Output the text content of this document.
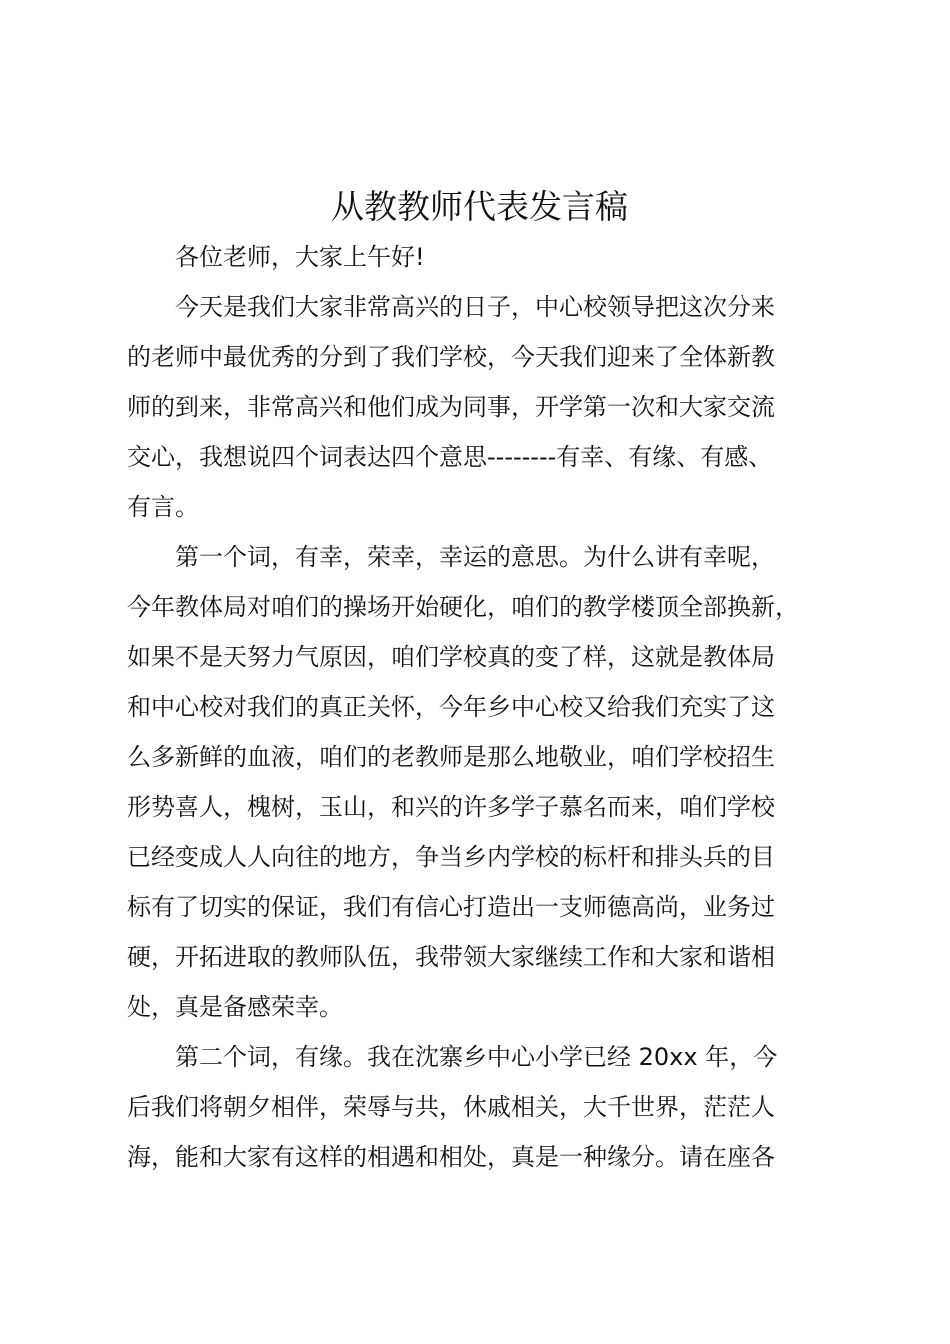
从教教师代表发言稿

各位老师，大家上午好!

今天是我们大家非常高兴的日子，中心校领导把这次分来
的老师中最优秀的分到了我们学校，今天我们迎来了全体新教
师的到来，非常高兴和他们成为同事，开学第一次和大家交流
交心，我想说四个词表达四个意思--------有幸、有缘、有感、
有言。

第一个词，有幸，荣幸，幸运的意思。为什么讲有幸呢，
今年教体局对咱们的操场开始硬化，咱们的教学楼顶全部换新，
如果不是天努力气原因，咱们学校真的变了样，这就是教体局
和中心校对我们的真正关怀，今年乡中心校又给我们充实了这
么多新鲜的血液，咱们的老教师是那么地敬业，咱们学校招生
形势喜人，槐树，玉山，和兴的许多学子慕名而来，咱们学校
已经变成人人向往的地方，争当乡内学校的标杆和排头兵的目
标有了切实的保证，我们有信心打造出一支师德高尚，业务过
硬，开拓进取的教师队伍，我带领大家继续工作和大家和谐相
处，真是备感荣幸。

第二个词，有缘。我在沈寨乡中心小学已经 20xx 年，今
后我们将朝夕相伴，荣辱与共，休戚相关，大千世界，茫茫人
海，能和大家有这样的相遇和相处，真是一种缘分。请在座各
